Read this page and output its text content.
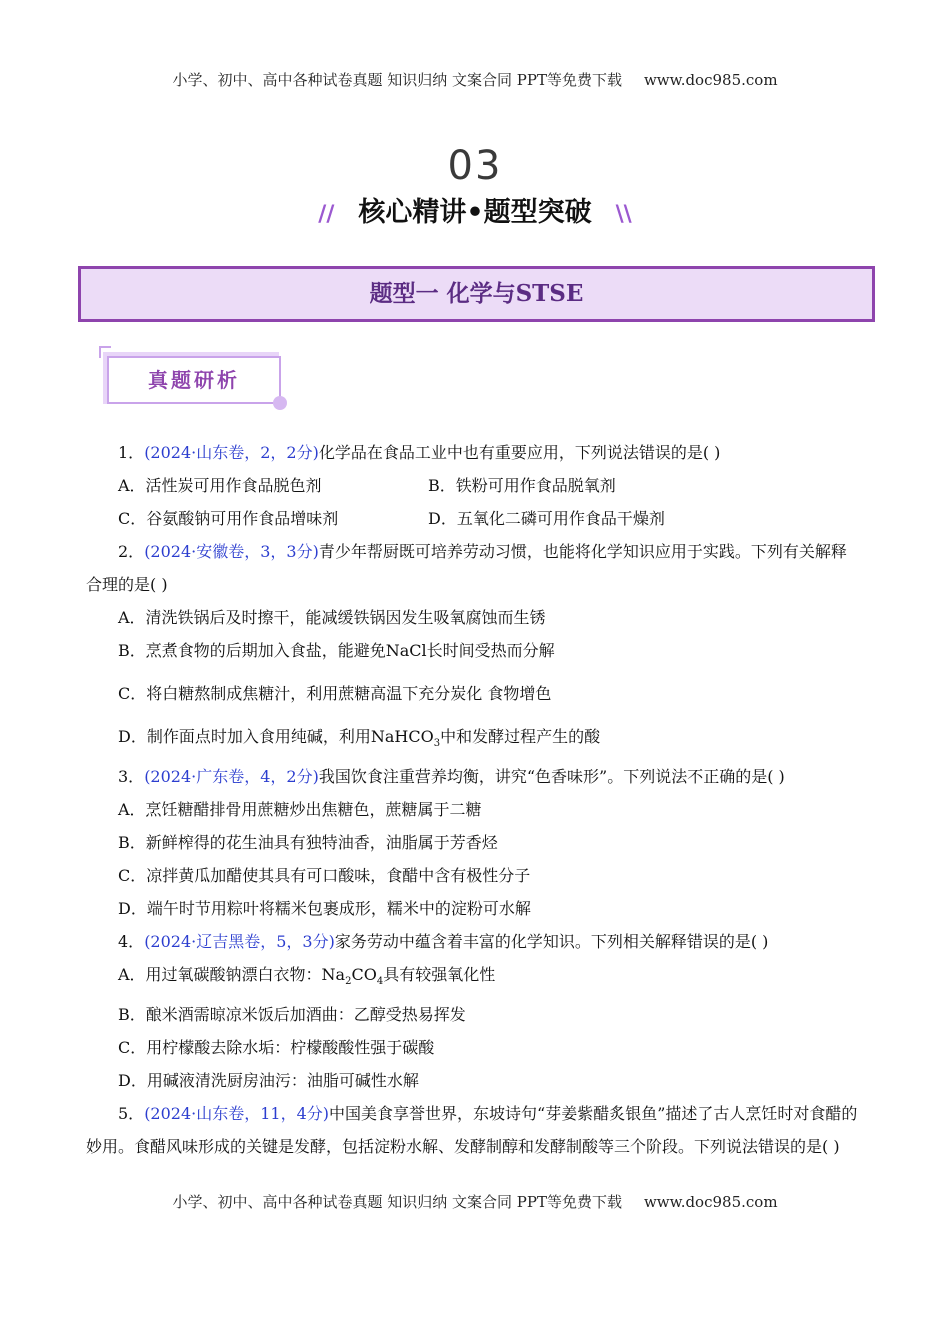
小学、初中、高中各种试卷真题 知识归纳 文案合同 PPT等免费下载 www.doc985.com
03
// 核心精讲•题型突破 \\
题型一 化学与STSE
真题研析

1．(2024·山东卷，2，2分)化学品在食品工业中也有重要应用，下列说法错误的是( )

A．活性炭可用作食品脱色剂	B．铁粉可用作食品脱氧剂
C．谷氨酸钠可用作食品增味剂	D．五氧化二磷可用作食品干燥剂

2．(2024·安徽卷，3，3分)青少年帮厨既可培养劳动习惯，也能将化学知识应用于实践。下列有关解释合理的是( )

A．清洗铁锅后及时擦干，能减缓铁锅因发生吸氧腐蚀而生锈

B．烹煮食物的后期加入食盐，能避免NaCl长时间受热而分解

C．将白糖熬制成焦糖汁，利用蔗糖高温下充分炭化 食物增色

D．制作面点时加入食用纯碱，利用NaHCO$_3$中和发酵过程产生的酸

3．(2024·广东卷，4，2分)我国饮食注重营养均衡，讲究“色香味形”。下列说法不正确的是( )

A．烹饪糖醋排骨用蔗糖炒出焦糖色，蔗糖属于二糖

B．新鲜榨得的花生油具有独特油香，油脂属于芳香烃

C．凉拌黄瓜加醋使其具有可口酸味，食醋中含有极性分子

D．端午时节用粽叶将糯米包裹成形，糯米中的淀粉可水解

4．(2024·辽吉黑卷，5，3分)家务劳动中蕴含着丰富的化学知识。下列相关解释错误的是( )

A．用过氧碳酸钠漂白衣物：$Na_2CO_4$具有较强氧化性

B．酿米酒需晾凉米饭后加酒曲：乙醇受热易挥发

C．用柠檬酸去除水垢：柠檬酸酸性强于碳酸

D．用碱液清洗厨房油污：油脂可碱性水解

5．(2024·山东卷，11，4分)中国美食享誉世界，东坡诗句“芽姜紫醋炙银鱼”描述了古人烹饪时对食醋的妙用。食醋风味形成的关键是发酵，包括淀粉水解、发酵制醇和发酵制酸等三个阶段。下列说法错误的是( )

小学、初中、高中各种试卷真题 知识归纳 文案合同 PPT等免费下载 www.doc985.com
